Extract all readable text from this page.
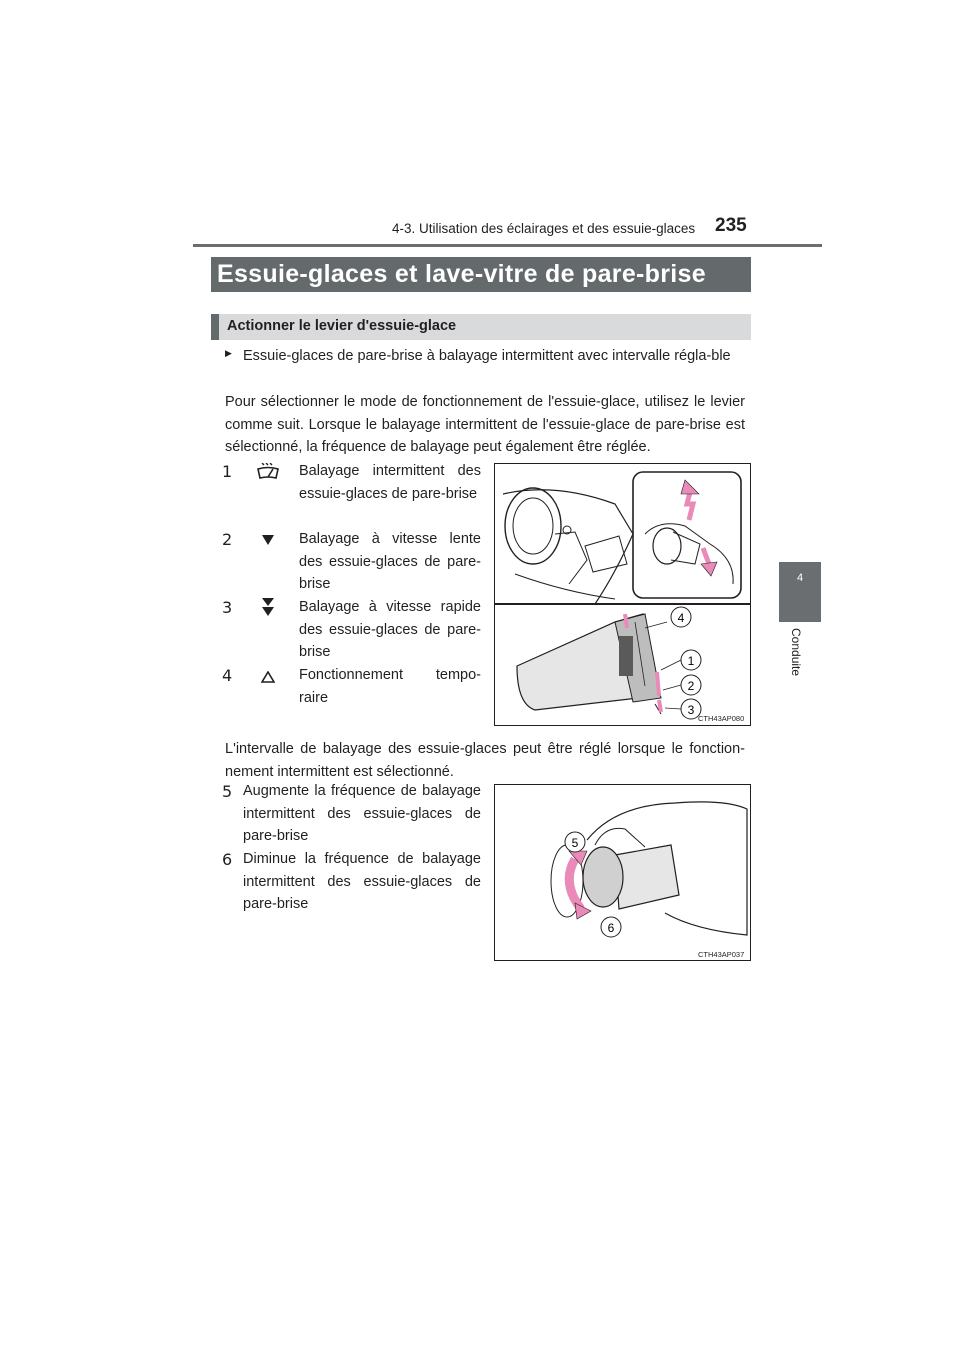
4-3. Utilisation des éclairages et des essuie-glaces 235
4
Conduite
Essuie-glaces et lave-vitre de pare-brise
Actionner le levier d'essuie-glace
▶ Essuie-glaces de pare-brise à balayage intermittent avec intervalle régla-ble
Pour sélectionner le mode de fonctionnement de l'essuie-glace, utilisez le levier comme suit. Lorsque le balayage intermittent de l'essuie-glace de pare-brise est sélectionné, la fréquence de balayage peut également être réglée.
1	Balayage intermittent des essuie-glaces de pare-brise
2	Balayage à vitesse lente des essuie-glaces de pare-brise
3	Balayage à vitesse rapide des essuie-glaces de pare-brise
4	Fonctionnement tempo-raire
4
1
2
3
CTH43AP080
L'intervalle de balayage des essuie-glaces peut être réglé lorsque le fonction-nement intermittent est sélectionné.
5 Augmente la fréquence de balayage intermittent des essuie-glaces de pare-brise
6 Diminue la fréquence de balayage intermittent des essuie-glaces de pare-brise
5
6
CTH43AP037
